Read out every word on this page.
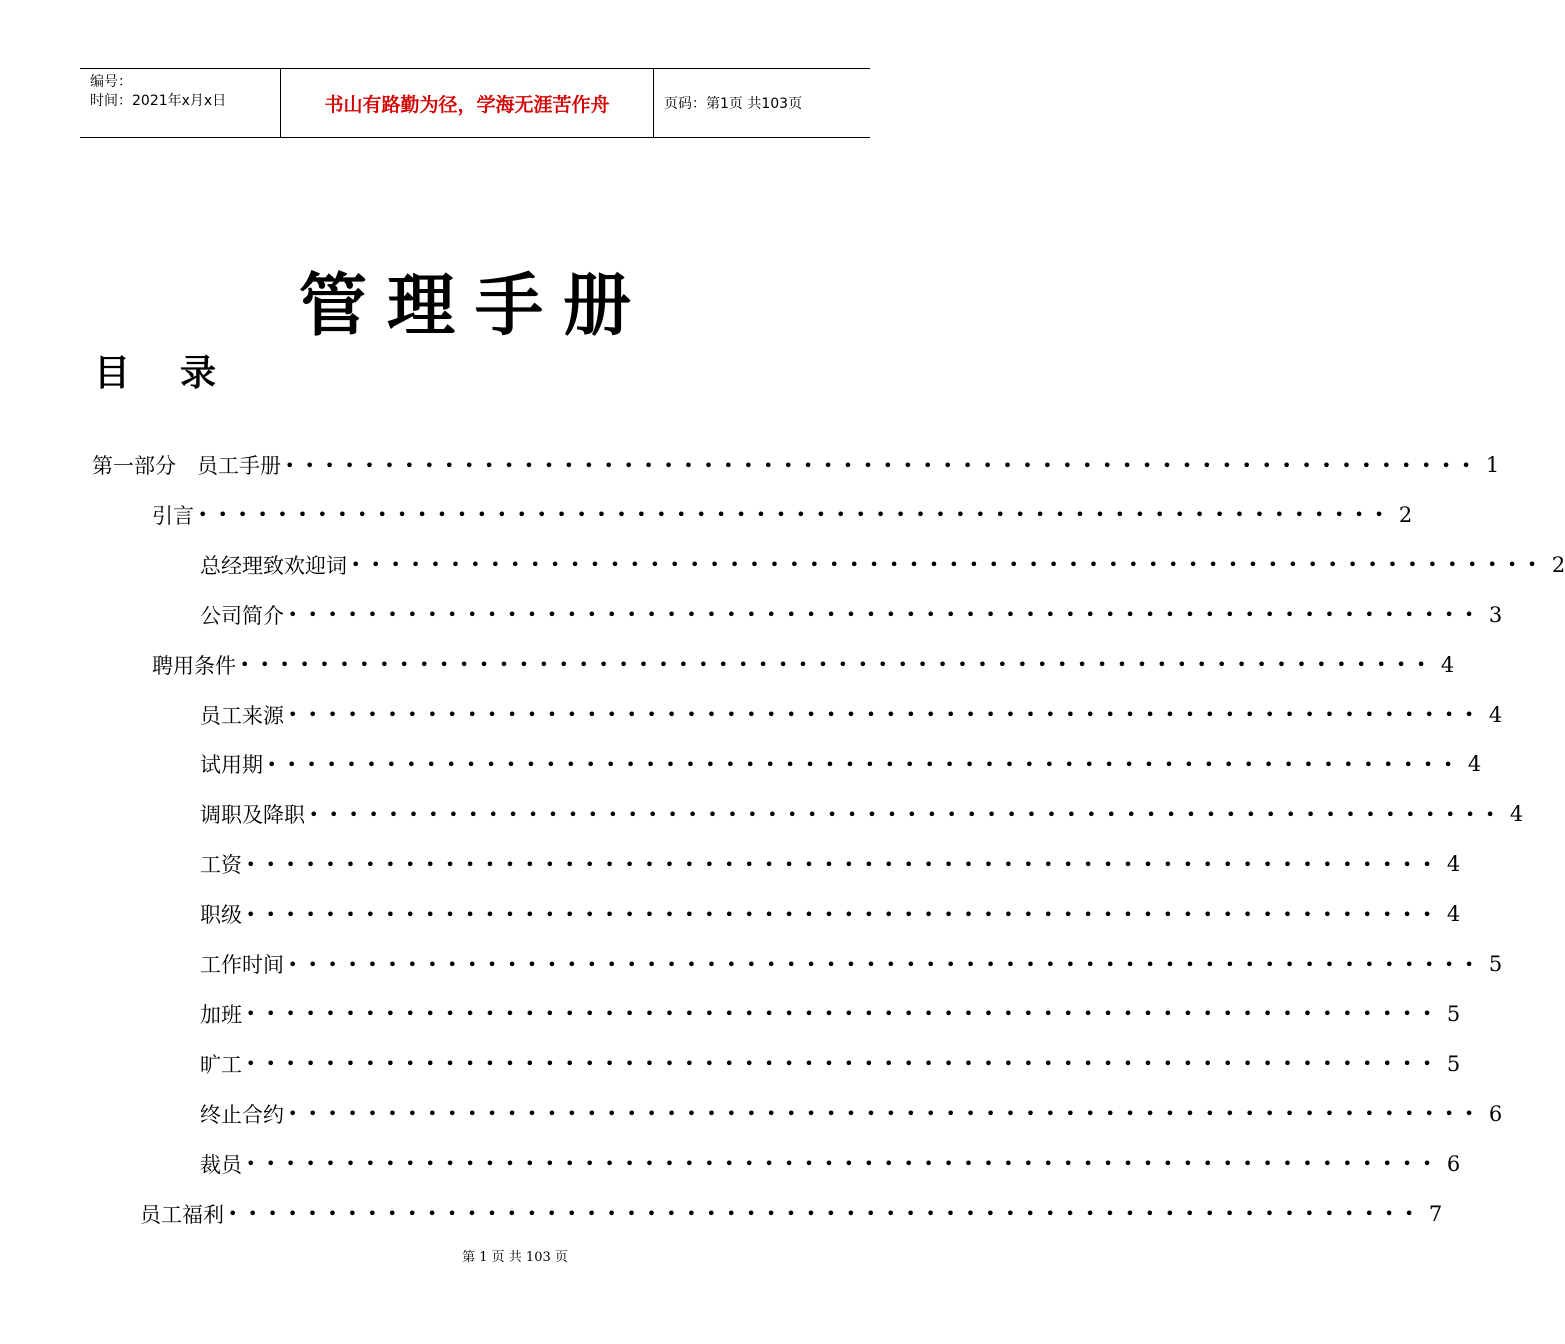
编号：
时间：2021年x月x日	书山有路勤为径，学海无涯苦作舟	页码：第1页 共103页
管理手册
目录
第一部分　员工手册 •••••••••••••••••••••••••••••••••••••••••••••••••••••••••••• 1
引言 •••••••••••••••••••••••••••••••••••••••••••••••••••••••••••• 2
总经理致欢迎词 •••••••••••••••••••••••••••••••••••••••••••••••••••••••••••• 2
公司简介 •••••••••••••••••••••••••••••••••••••••••••••••••••••••••••• 3
聘用条件 •••••••••••••••••••••••••••••••••••••••••••••••••••••••••••• 4
员工来源 •••••••••••••••••••••••••••••••••••••••••••••••••••••••••••• 4
试用期 •••••••••••••••••••••••••••••••••••••••••••••••••••••••••••• 4
调职及降职 •••••••••••••••••••••••••••••••••••••••••••••••••••••••••••• 4
工资 •••••••••••••••••••••••••••••••••••••••••••••••••••••••••••• 4
职级 •••••••••••••••••••••••••••••••••••••••••••••••••••••••••••• 4
工作时间 •••••••••••••••••••••••••••••••••••••••••••••••••••••••••••• 5
加班 •••••••••••••••••••••••••••••••••••••••••••••••••••••••••••• 5
旷工 •••••••••••••••••••••••••••••••••••••••••••••••••••••••••••• 5
终止合约 •••••••••••••••••••••••••••••••••••••••••••••••••••••••••••• 6
裁员 •••••••••••••••••••••••••••••••••••••••••••••••••••••••••••• 6
员工福利 •••••••••••••••••••••••••••••••••••••••••••••••••••••••••••• 7
第 1 页 共 103 页
